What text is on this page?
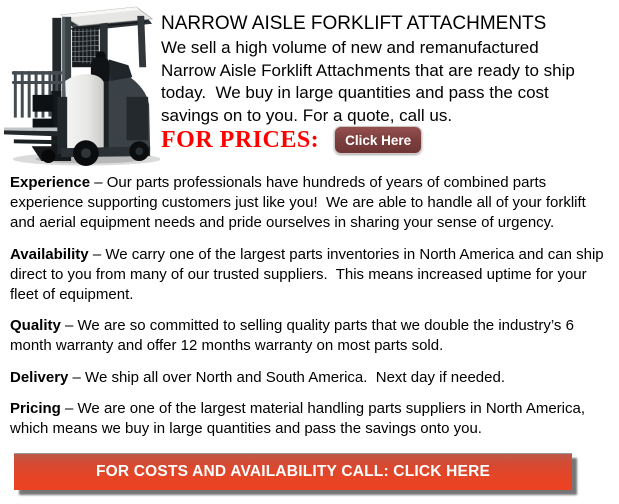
NARROW AISLE FORKLIFT ATTACHMENTS
We sell a high volume of new and remanufactured Narrow Aisle Forklift Attachments that are ready to ship today.  We buy in large quantities and pass the cost savings on to you. For a quote, call us.
FOR PRICES:	Click Here

Experience – Our parts professionals have hundreds of years of combined parts experience supporting customers just like you!  We are able to handle all of your forklift and aerial equipment needs and pride ourselves in sharing your sense of urgency.

Availability – We carry one of the largest parts inventories in North America and can ship direct to you from many of our trusted suppliers.  This means increased uptime for your fleet of equipment.

Quality – We are so committed to selling quality parts that we double the industry’s 6 month warranty and offer 12 months warranty on most parts sold.

Delivery – We ship all over North and South America.  Next day if needed.

Pricing – We are one of the largest material handling parts suppliers in North America, which means we buy in large quantities and pass the savings onto you.

FOR COSTS AND AVAILABILITY CALL: CLICK HERE
